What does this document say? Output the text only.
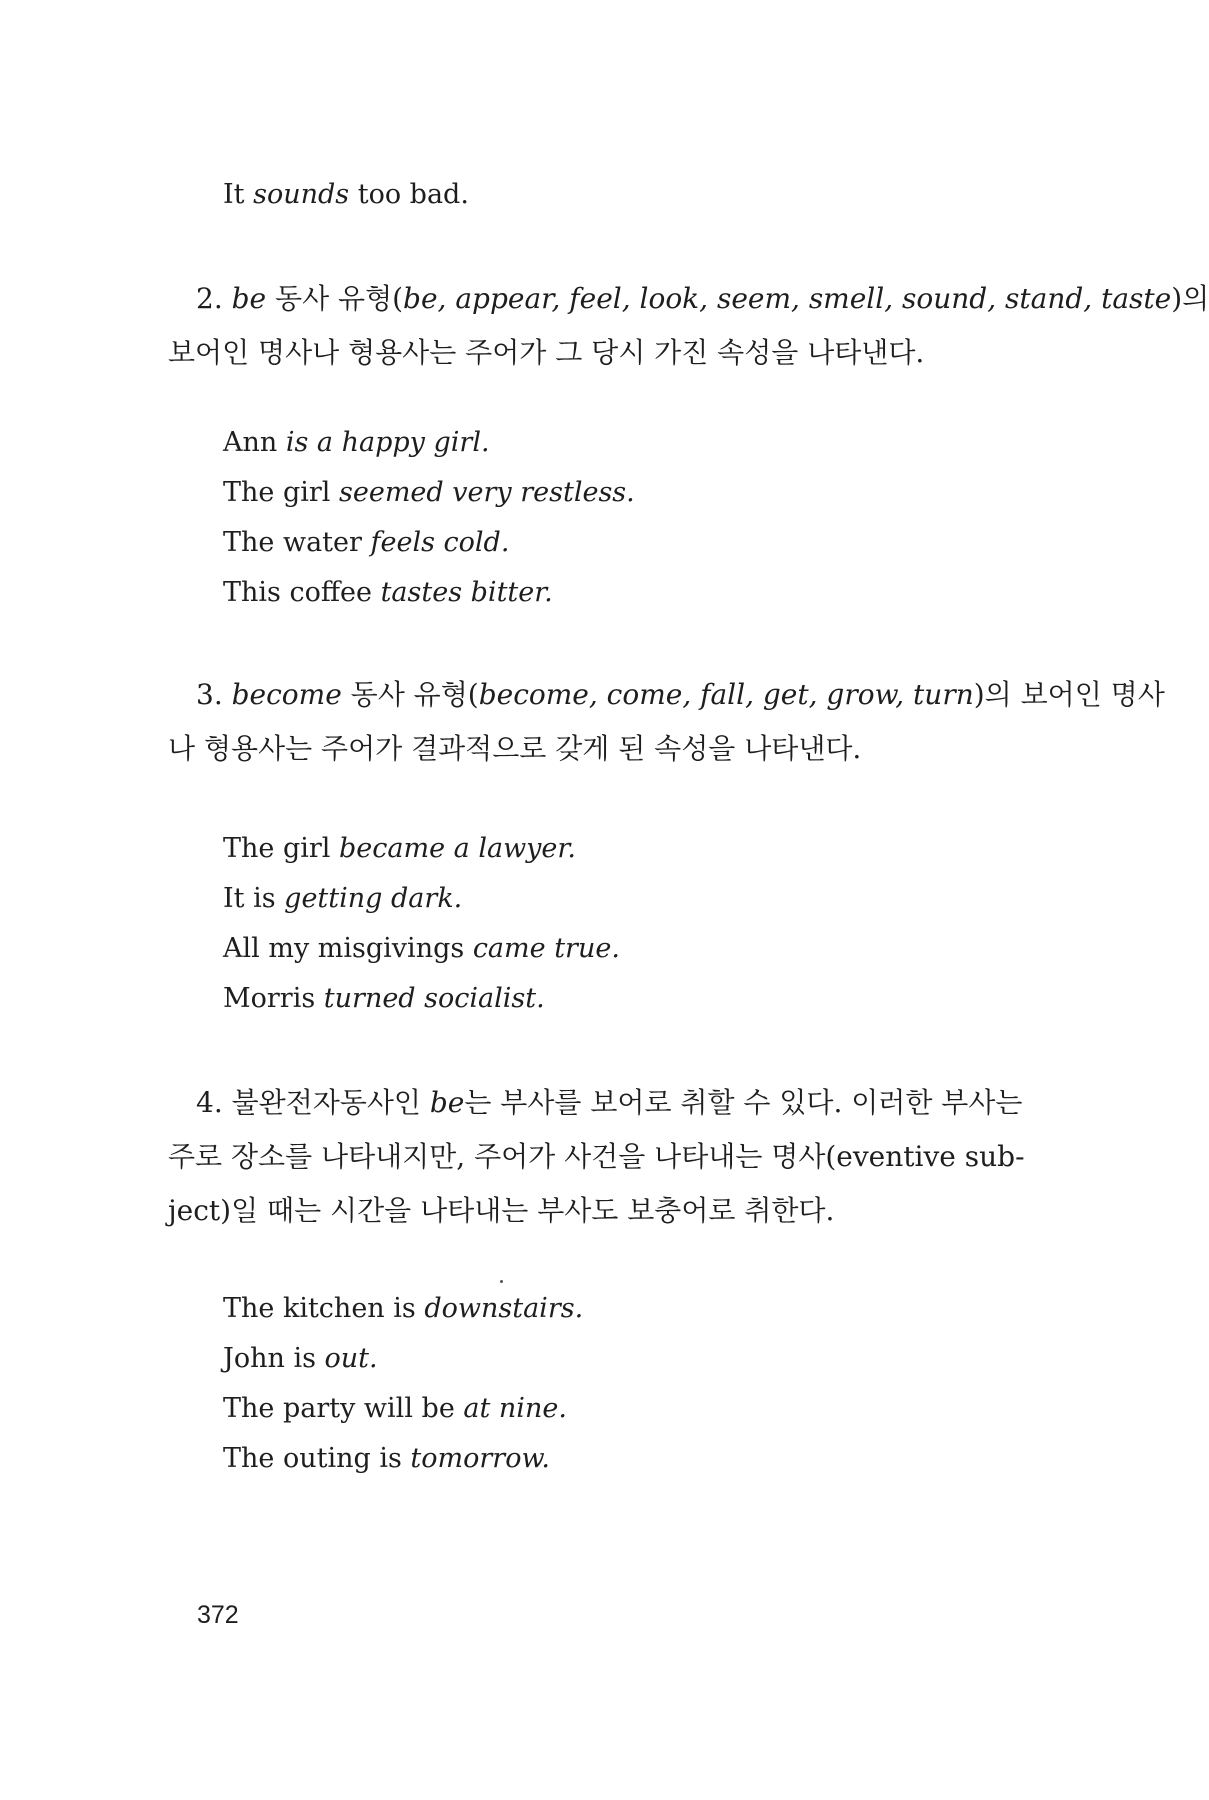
It sounds too bad.
2. be 동사 유형(be, appear, feel, look, seem, smell, sound, stand, taste)의
보어인 명사나 형용사는 주어가 그 당시 가진 속성을 나타낸다.
Ann is a happy girl.
The girl seemed very restless.
The water feels cold.
This coffee tastes bitter.
3. become 동사 유형(become, come, fall, get, grow, turn)의 보어인 명사
나 형용사는 주어가 결과적으로 갖게 된 속성을 나타낸다.
The girl became a lawyer.
It is getting dark.
All my misgivings came true.
Morris turned socialist.
4. 불완전자동사인 be는 부사를 보어로 취할 수 있다. 이러한 부사는
주로 장소를 나타내지만, 주어가 사건을 나타내는 명사(eventive sub-
ject)일 때는 시간을 나타내는 부사도 보충어로 취한다.
The kitchen is downstairs.
John is out.
The party will be at nine.
The outing is tomorrow.
372
